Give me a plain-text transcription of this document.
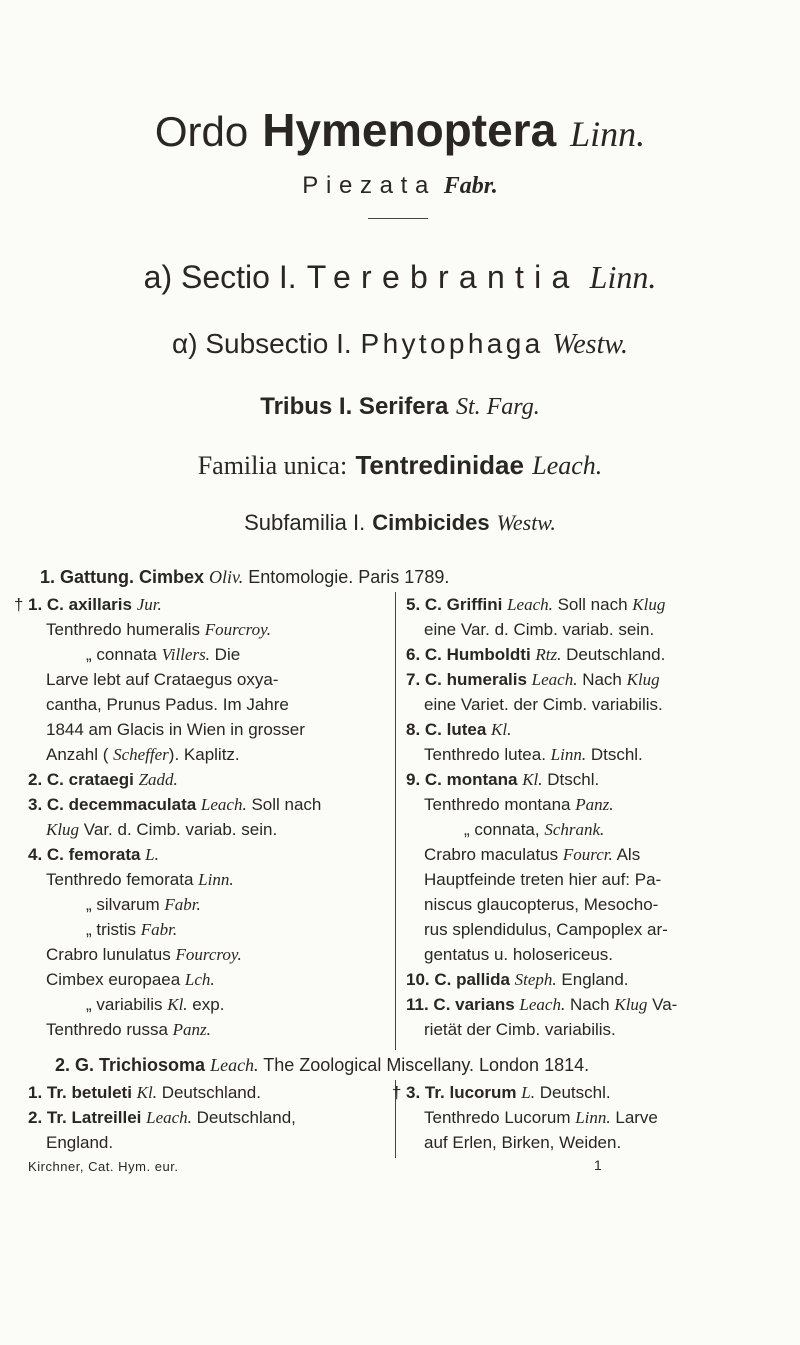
Ordo Hymenoptera Linn.
Piezata Fabr.
a) Sectio I. Terebrantia Linn.
α) Subsectio I. Phytophaga Westw.
Tribus I. Serifera St. Farg.
Familia unica: Tentredinidae Leach.
Subfamilia I. Cimbicides Westw.
1. Gattung. Cimbex Oliv. Entomologie. Paris 1789.
† 1. C. axillaris Jur.
Tenthredo humeralis Fourcroy.
„ connata Villers. Die
Larve lebt auf Crataegus oxya-
cantha, Prunus Padus. Im Jahre
1844 am Glacis in Wien in grosser
Anzahl ( Scheffer). Kaplitz.
2. C. crataegi Zadd.
3. C. decemmaculata Leach. Soll nach
Klug Var. d. Cimb. variab. sein.
4. C. femorata L.
Tenthredo femorata Linn.
„ silvarum Fabr.
„ tristis Fabr.
Crabro lunulatus Fourcroy.
Cimbex europaea Lch.
„ variabilis Kl. exp.
Tenthredo russa Panz.
5. C. Griffini Leach. Soll nach Klug
eine Var. d. Cimb. variab. sein.
6. C. Humboldti Rtz. Deutschland.
7. C. humeralis Leach. Nach Klug
eine Variet. der Cimb. variabilis.
8. C. lutea Kl.
Tenthredo lutea. Linn. Dtschl.
9. C. montana Kl. Dtschl.
Tenthredo montana Panz.
„ connata, Schrank.
Crabro maculatus Fourcr. Als
Hauptfeinde treten hier auf: Pa-
niscus glaucopterus, Mesocho-
rus splendidulus, Campoplex ar-
gentatus u. holosericeus.
10. C. pallida Steph. England.
11. C. varians Leach. Nach Klug Va-
rietät der Cimb. variabilis.
2. G. Trichiosoma Leach. The Zoological Miscellany. London 1814.
1. Tr. betuleti Kl. Deutschland.
2. Tr. Latreillei Leach. Deutschland,
England.
† 3. Tr. lucorum L. Deutschl.
Tenthredo Lucorum Linn. Larve
auf Erlen, Birken, Weiden.
Kirchner, Cat. Hym. eur.	1
